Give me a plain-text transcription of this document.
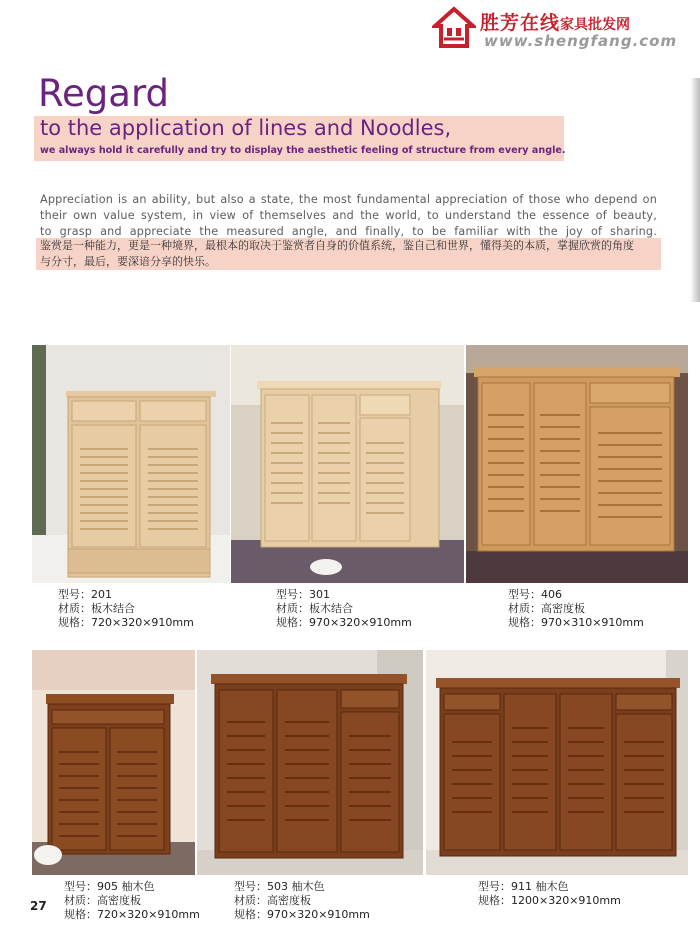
胜芳在线家具批发网
www.shengfang.com
Regard
to the application of lines and Noodles,
we always hold it carefully and try to display the aesthetic feeling of structure from every angle.
Appreciation is an ability, but also a state, the most fundamental appreciation of those who depend on
their own value system, in view of themselves and the world, to understand the essence of beauty,
to grasp and appreciate the measured angle, and finally, to be familiar with the joy of sharing.
鉴赏是一种能力，更是一种境界，最根本的取决于鉴赏者自身的价值系统，鉴自己和世界，懂得美的本质，掌握欣赏的角度
与分寸，最后，要深谙分享的快乐。
型号：201
材质：板木结合
规格：720×320×910mm
型号：301
材质：板木结合
规格：970×320×910mm
型号：406
材质：高密度板
规格：970×310×910mm
型号：905 柚木色
材质：高密度板
规格：720×320×910mm
型号：503 柚木色
材质：高密度板
规格：970×320×910mm
型号：911 柚木色
规格：1200×320×910mm
27
